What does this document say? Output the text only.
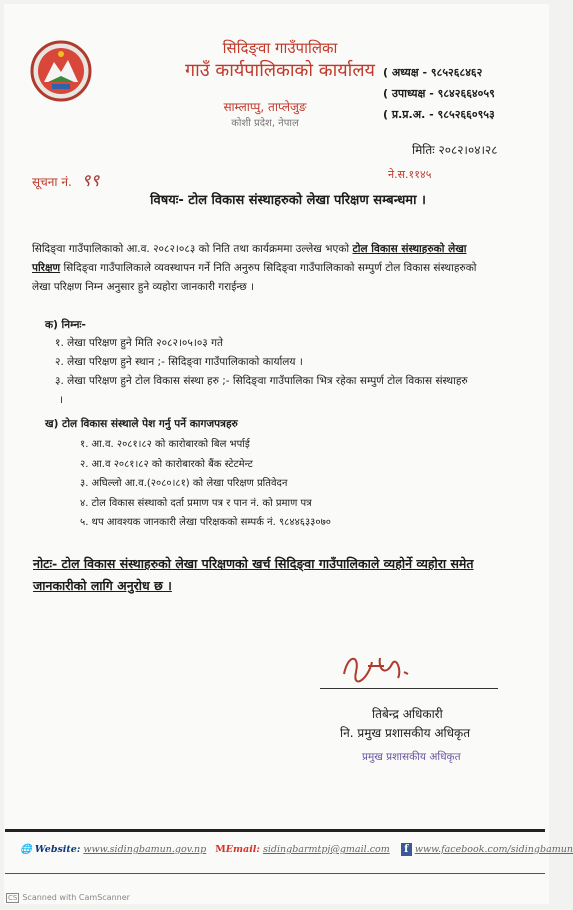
सिदिङ्वा गाउँपालिका
गाउँ कार्यपालिकाको कार्यालय
साम्लाप्पु, ताप्लेजुङ
कोशी प्रदेश, नेपाल
( अध्यक्ष - ९८५२६८४६२
( उपाध्यक्ष - ९८४२६६४०५९
( प्र.प्र.अ. - ९८५२६६०९५३
मितिः २०८२।०४।२८
सूचना नं. ९९	ने.स.११४५
विषयः- टोल विकास संस्थाहरुको लेखा परिक्षण सम्बन्धमा ।
सिदिङ्वा गाउँपालिकाको आ.व. २०८२।०८३ को निति तथा कार्यक्रममा उल्लेख भएको टोल विकास संस्थाहरुको लेखा परिक्षण सिदिङ्वा गाउँपालिकाले व्यवस्थापन गर्ने निति अनुरुप सिदिङ्वा गाउँपालिकाको सम्पुर्ण टोल विकास संस्थाहरुको लेखा परिक्षण निम्न अनुसार हुने व्यहोरा जानकारी गराईन्छ ।
क) निम्नः-
१. लेखा परिक्षण हुने मिति २०८२।०५।०३ गते
२. लेखा परिक्षण हुने स्थान ;- सिदिङ्वा गाउँपालिकाको कार्यालय ।
३. लेखा परिक्षण हुने टोल विकास संस्था हरु ;- सिदिङ्वा गाउँपालिका भित्र रहेका सम्पुर्ण टोल विकास संस्थाहरु
।
ख) टोल विकास संस्थाले पेश गर्नु पर्ने कागजपत्रहरु
१. आ.व. २०८१।८२ को कारोबारको बिल भर्पाई
२. आ.व २०८१।८२ को कारोबारको बैंक स्टेटमेन्ट
३. अघिल्लो आ.व.(२०८०।८१) को लेखा परिक्षण प्रतिवेदन
४. टोल विकास संस्थाको दर्ता प्रमाण पत्र र पान नं. को प्रमाण पत्र
५. थप आवश्यक जानकारी लेखा परिक्षकको सम्पर्क नं. ९८४४६३३०७०
नोटः- टोल विकास संस्थाहरुको लेखा परिक्षणको खर्च सिदिङ्वा गाउँपालिकाले व्यहोर्ने व्यहोरा समेत जानकारीको लागि अनुरोध छ ।
तिबेन्द्र अधिकारी
नि. प्रमुख प्रशासकीय अधिकृत
प्रमुख प्रशासकीय अधिकृत
🌐 Website: www.sidingbamun.gov.np MEmail: sidingbarmtpj@gmail.com f www.facebook.com/sidingbamun
CS Scanned with CamScanner
